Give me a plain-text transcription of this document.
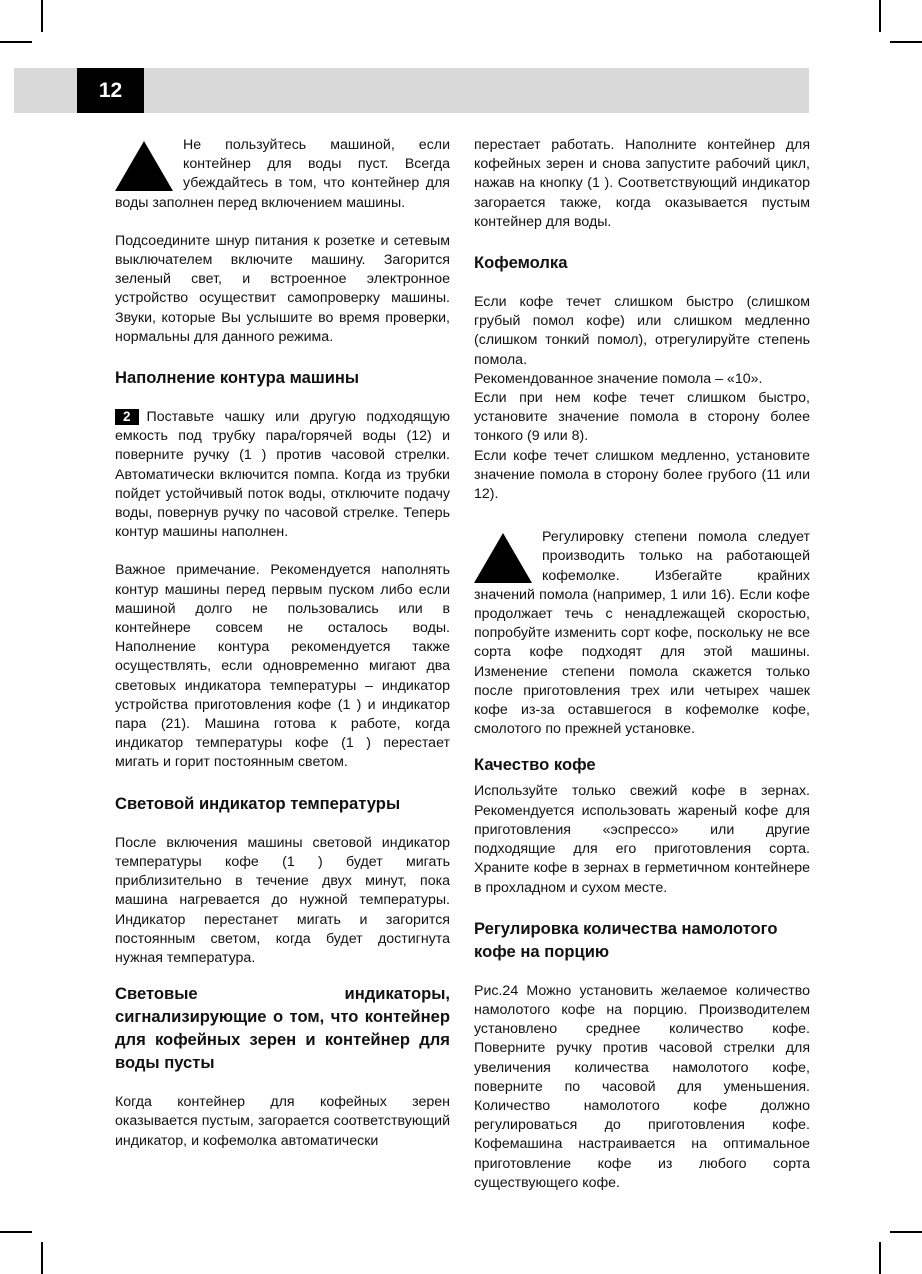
12

Не пользуйтесь машиной, если контейнер для воды пуст. Всегда убеждайтесь в том, что контейнер для воды заполнен перед включением машины.

Подсоедините шнур питания к розетке и сетевым выключателем включите машину. Загорится зеленый свет, и встроенное электронное устройство осуществит самопроверку машины. Звуки, которые Вы услышите во время проверки, нормальны для данного режима.

Наполнение контура машины

2 Поставьте чашку или другую подходящую емкость под трубку пара/горячей воды (12) и поверните ручку (1 ) против часовой стрелки. Автоматически включится помпа. Когда из трубки пойдет устойчивый поток воды, отключите подачу воды, повернув ручку по часовой стрелке. Теперь контур машины наполнен.

Важное примечание. Рекомендуется наполнять контур машины перед первым пуском либо если машиной долго не пользовались или в контейнере совсем не осталось воды. Наполнение контура рекомендуется также осуществлять, если одновременно мигают два световых индикатора температуры – индикатор устройства приготовления кофе (1 ) и индикатор пара (21). Машина готова к работе, когда индикатор температуры кофе (1 ) перестает мигать и горит постоянным светом.

Световой индикатор температуры

После включения машины световой индикатор температуры кофе (1 ) будет мигать приблизительно в течение двух минут, пока машина нагревается до нужной температуры. Индикатор перестанет мигать и загорится постоянным светом, когда будет достигнута нужная температура.

Световые индикаторы, сигнализирующие о том, что контейнер для кофейных зерен и контейнер для воды пусты

Когда контейнер для кофейных зерен оказывается пустым, загорается соответствующий индикатор, и кофемолка автоматически

перестает работать. Наполните контейнер для кофейных зерен и снова запустите рабочий цикл, нажав на кнопку (1 ). Соответствующий индикатор загорается также, когда оказывается пустым контейнер для воды.

Кофемолка

Если кофе течет слишком быстро (слишком грубый помол кофе) или слишком медленно (слишком тонкий помол), отрегулируйте степень помола.

Рекомендованное значение помола – «10».

Если при нем кофе течет слишком быстро, установите значение помола в сторону более тонкого (9 или 8).

Если кофе течет слишком медленно, установите значение помола в сторону более грубого (11 или 12).

Регулировку степени помола следует производить только на работающей кофемолке. Избегайте крайних значений помола (например, 1 или 16). Если кофе продолжает течь с ненадлежащей скоростью, попробуйте изменить сорт кофе, поскольку не все сорта кофе подходят для этой машины. Изменение степени помола скажется только после приготовления трех или четырех чашек кофе из-за оставшегося в кофемолке кофе, смолотого по прежней установке.

Качество кофе

Используйте только свежий кофе в зернах. Рекомендуется использовать жареный кофе для приготовления «эспрессо» или другие подходящие для его приготовления сорта. Храните кофе в зернах в герметичном контейнере в прохладном и сухом месте.

Регулировка количества намолотого кофе на порцию

Рис.24 Можно установить желаемое количество намолотого кофе на порцию. Производителем установлено среднее количество кофе. Поверните ручку против часовой стрелки для увеличения количества намолотого кофе, поверните по часовой для уменьшения. Количество намолотого кофе должно регулироваться до приготовления кофе. Кофемашина настраивается на оптимальное приготовление кофе из любого сорта существующего кофе.
